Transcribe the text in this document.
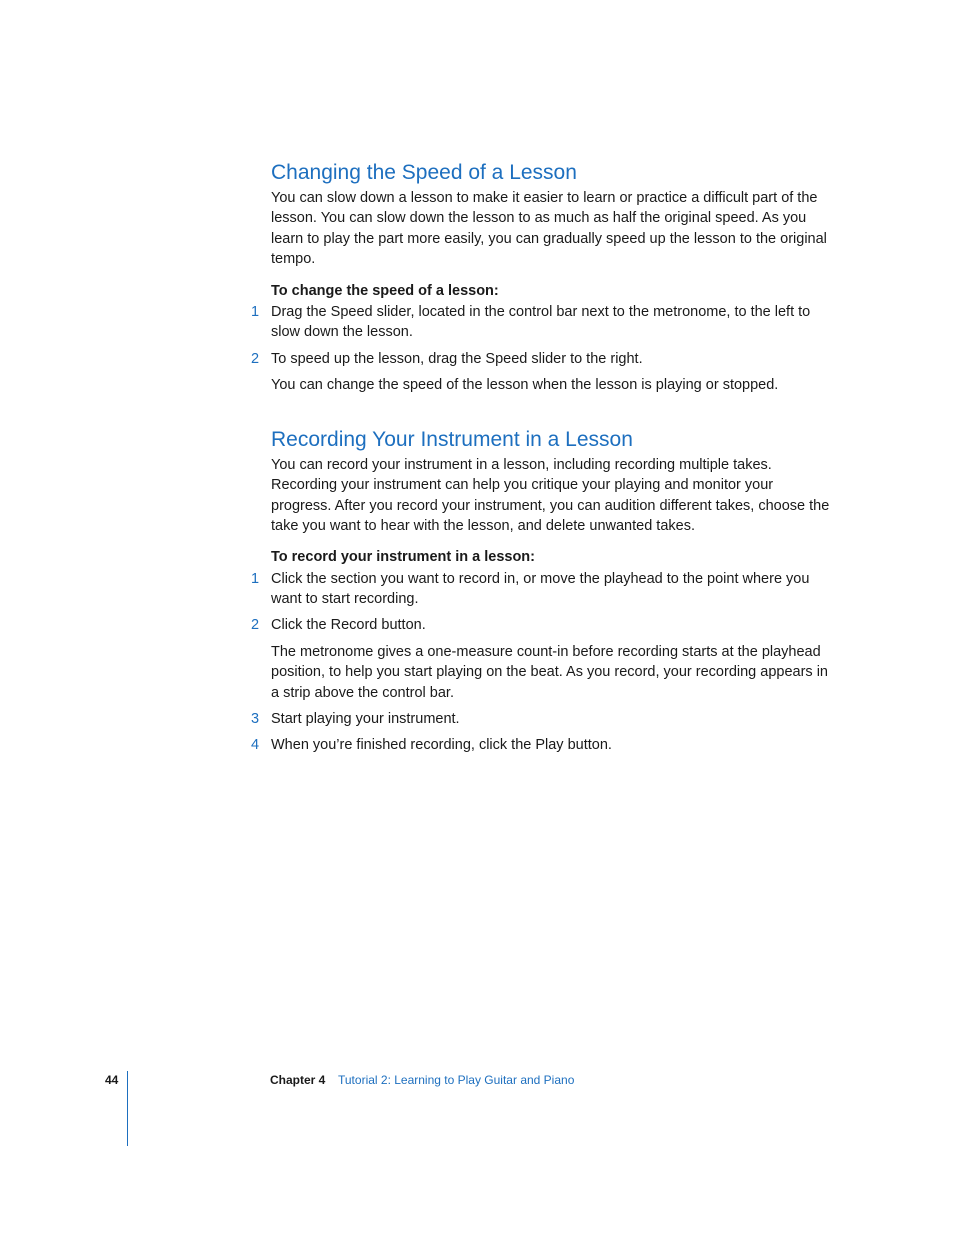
Changing the Speed of a Lesson

You can slow down a lesson to make it easier to learn or practice a difficult part of the lesson. You can slow down the lesson to as much as half the original speed. As you learn to play the part more easily, you can gradually speed up the lesson to the original tempo.

To change the speed of a lesson:
1 Drag the Speed slider, located in the control bar next to the metronome, to the left to slow down the lesson.

2 To speed up the lesson, drag the Speed slider to the right.

You can change the speed of the lesson when the lesson is playing or stopped.

Recording Your Instrument in a Lesson

You can record your instrument in a lesson, including recording multiple takes. Recording your instrument can help you critique your playing and monitor your progress. After you record your instrument, you can audition different takes, choose the take you want to hear with the lesson, and delete unwanted takes.

To record your instrument in a lesson:
1 Click the section you want to record in, or move the playhead to the point where you want to start recording.

2 Click the Record button.

The metronome gives a one-measure count-in before recording starts at the playhead position, to help you start playing on the beat. As you record, your recording appears in a strip above the control bar.

3 Start playing your instrument.

4 When you’re finished recording, click the Play button.

44	Chapter 4 Tutorial 2: Learning to Play Guitar and Piano
